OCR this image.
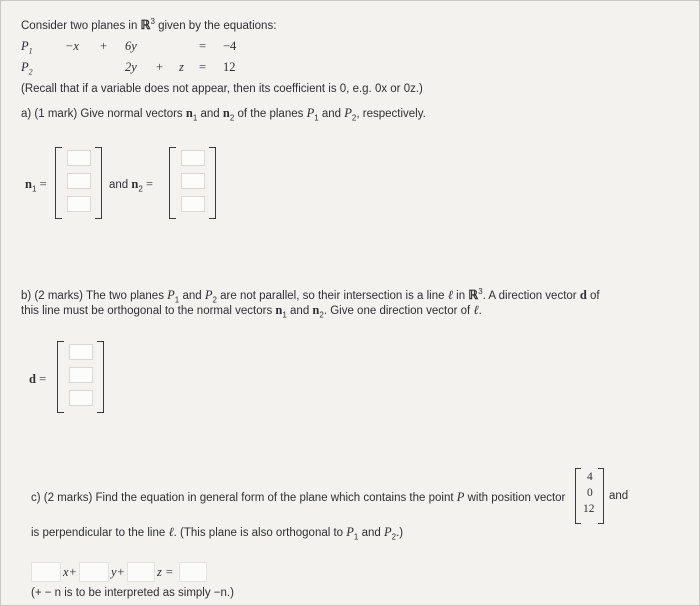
Consider two planes in ℝ$^3$ given by the equations:
$P_1$	−x + 6y	= −4
$P_2$	2y + z = 12
(Recall that if a variable does not appear, then its coefficient is 0, e.g. 0x or 0z.)
a) (1 mark) Give normal vectors $n_1$ and $n_2$ of the planes $P_1$ and $P_2$, respectively.
$n_1$ =	and $n_2$ =
b) (2 marks) The two planes $P_1$ and $P_2$ are not parallel, so their intersection is a line ℓ in ℝ$^3$. A direction vector d of
this line must be orthogonal to the normal vectors $n_1$ and $n_2$. Give one direction vector of ℓ.
d =
c) (2 marks) Find the equation in general form of the plane which contains the point P with position vector
4
0
12
and
is perpendicular to the line ℓ. (This plane is also orthogonal to $P_1$ and $P_2$.)
x+	y+	z =
(+ − n is to be interpreted as simply −n.)
